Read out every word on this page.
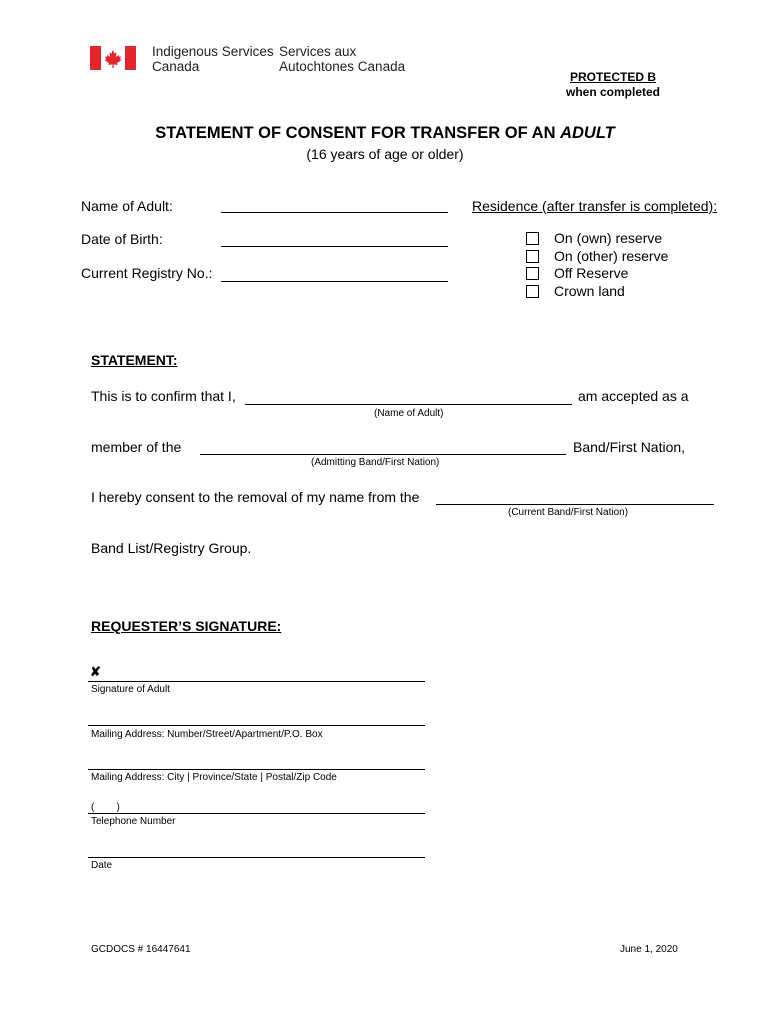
Indigenous Services
Canada
Services aux
Autochtones Canada
PROTECTED B
when completed
STATEMENT OF CONSENT FOR TRANSFER OF AN ADULT
(16 years of age or older)
Name of Adult:
Date of Birth:
Current Registry No.:
Residence (after transfer is completed):
On (own) reserve
On (other) reserve
Off Reserve
Crown land
STATEMENT:
This is to confirm that I,	am accepted as a
(Name of Adult)
member of the	Band/First Nation,
(Admitting Band/First Nation)
I hereby consent to the removal of my name from the
(Current Band/First Nation)
Band List/Registry Group.
REQUESTER’S SIGNATURE:
✘
Signature of Adult
Mailing Address: Number/Street/Apartment/P.O. Box
Mailing Address: City | Province/State | Postal/Zip Code
(        )
Telephone Number
Date
GCDOCS # 16447641	June 1, 2020
